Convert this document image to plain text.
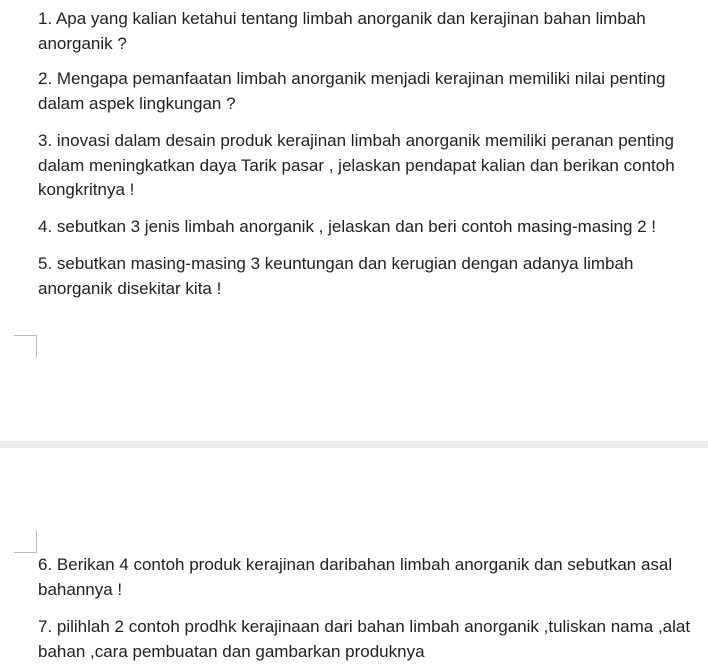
1. Apa yang kalian ketahui tentang limbah anorganik dan kerajinan bahan limbah
anorganik ?

2. Mengapa pemanfaatan limbah anorganik menjadi kerajinan memiliki nilai penting
dalam aspek lingkungan ?

3. inovasi dalam desain produk kerajinan limbah anorganik memiliki peranan penting
dalam meningkatkan daya Tarik pasar , jelaskan pendapat kalian dan berikan contoh
kongkritnya !

4. sebutkan 3 jenis limbah anorganik , jelaskan dan beri contoh masing-masing 2 !

5. sebutkan masing-masing 3 keuntungan dan kerugian dengan adanya limbah
anorganik disekitar kita !

6. Berikan 4 contoh produk kerajinan daribahan limbah anorganik dan sebutkan asal
bahannya !

7. pilihlah 2 contoh prodhk kerajinaan dari bahan limbah anorganik ,tuliskan nama ,alat
bahan ,cara pembuatan dan gambarkan produknya
